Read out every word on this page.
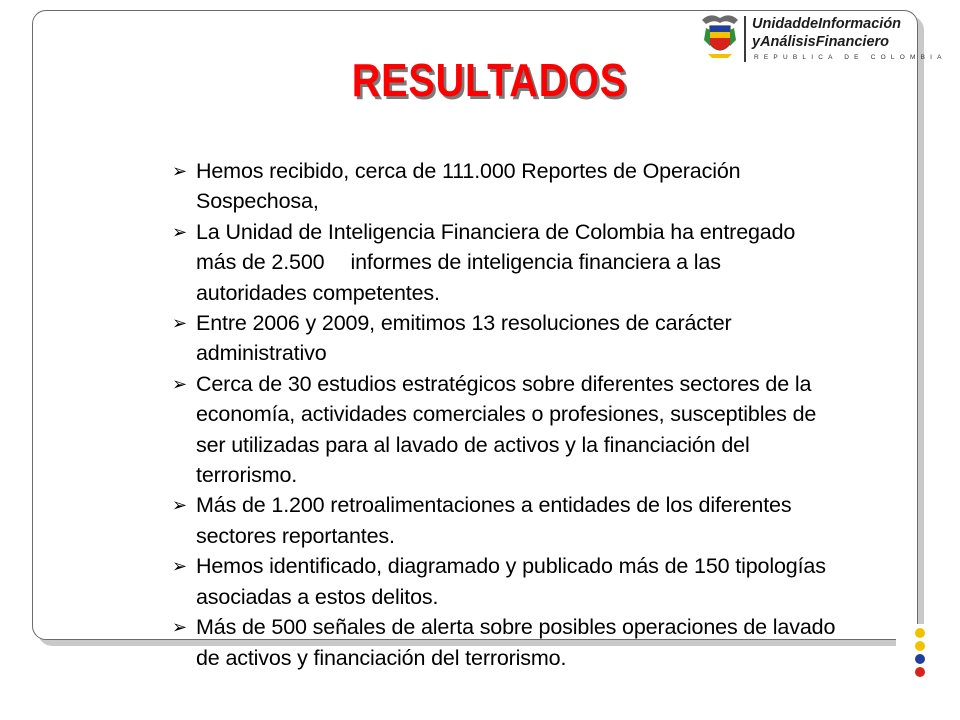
UnidaddeInformación
yAnálisisFinanciero
REPUBLICA DE COLOMBIA
RESULTADOS
➢ Hemos recibido, cerca de 111.000 Reportes de Operación
Sospechosa,
➢ La Unidad de Inteligencia Financiera de Colombia ha entregado
más de 2.500 informes de inteligencia financiera a las
autoridades competentes.
➢ Entre 2006 y 2009, emitimos 13 resoluciones de carácter
administrativo
➢ Cerca de 30 estudios estratégicos sobre diferentes sectores de la
economía, actividades comerciales o profesiones, susceptibles de
ser utilizadas para al lavado de activos y la financiación del
terrorismo.
➢ Más de 1.200 retroalimentaciones a entidades de los diferentes
sectores reportantes.
➢ Hemos identificado, diagramado y publicado más de 150 tipologías
asociadas a estos delitos.
➢ Más de 500 señales de alerta sobre posibles operaciones de lavado
de activos y financiación del terrorismo.
